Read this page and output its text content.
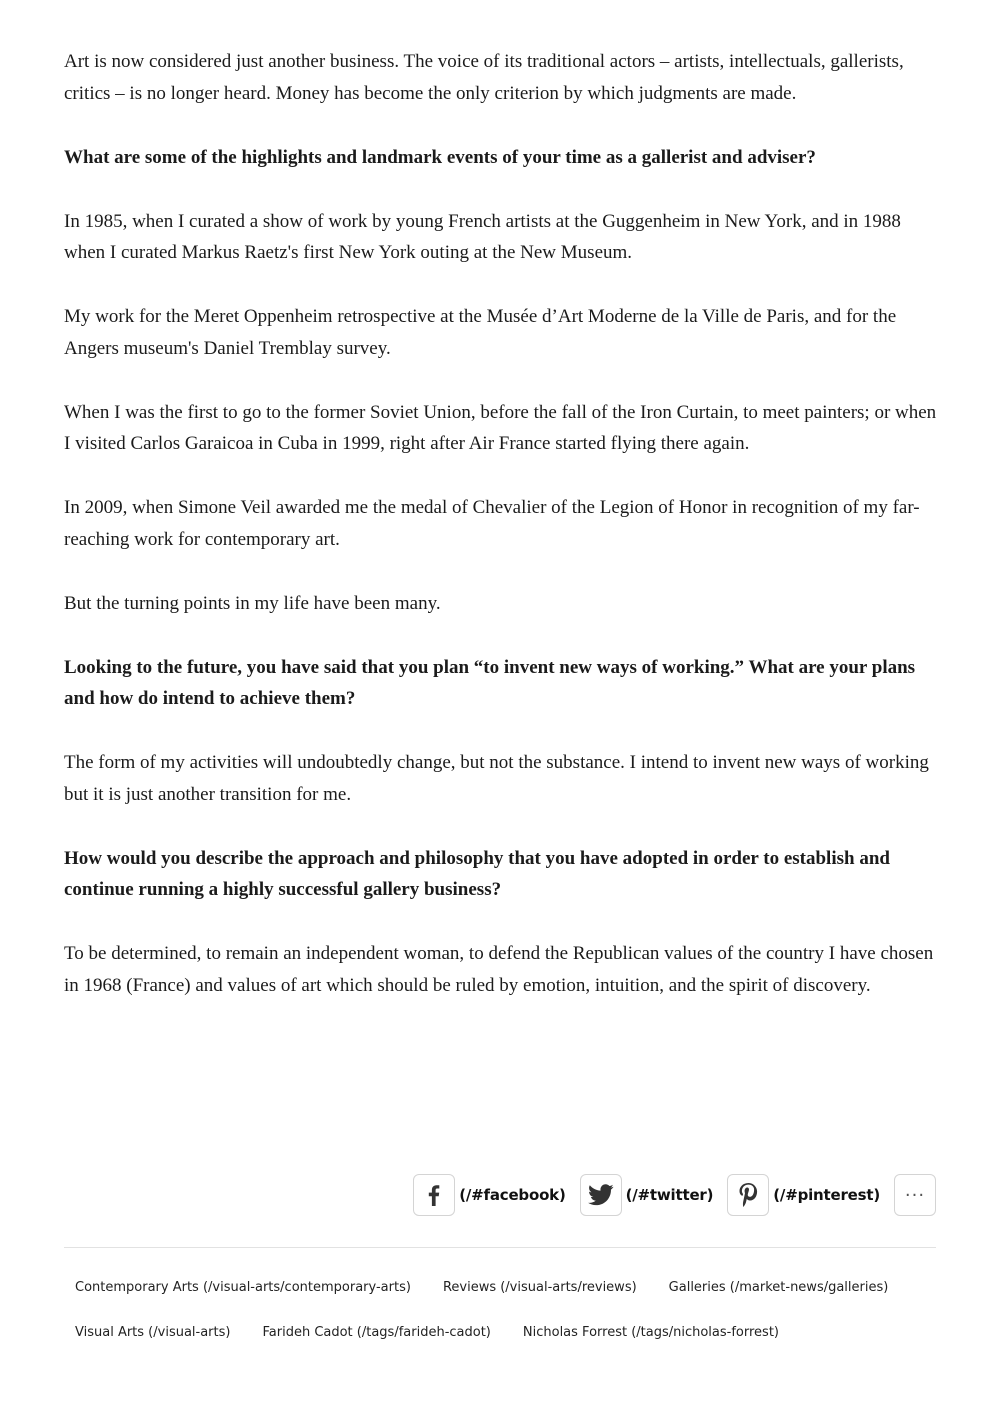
Art is now considered just another business. The voice of its traditional actors – artists, intellectuals, gallerists, critics – is no longer heard. Money has become the only criterion by which judgments are made.

What are some of the highlights and landmark events of your time as a gallerist and adviser?

In 1985, when I curated a show of work by young French artists at the Guggenheim in New York, and in 1988 when I curated Markus Raetz's first New York outing at the New Museum.

My work for the Meret Oppenheim retrospective at the Musée d’Art Moderne de la Ville de Paris, and for the Angers museum's Daniel Tremblay survey.

When I was the first to go to the former Soviet Union, before the fall of the Iron Curtain, to meet painters; or when I visited Carlos Garaicoa in Cuba in 1999, right after Air France started flying there again.

In 2009, when Simone Veil awarded me the medal of Chevalier of the Legion of Honor in recognition of my far-reaching work for contemporary art.

But the turning points in my life have been many.

Looking to the future, you have said that you plan “to invent new ways of working.” What are your plans and how do intend to achieve them?

The form of my activities will undoubtedly change, but not the substance. I intend to invent new ways of working but it is just another transition for me.

How would you describe the approach and philosophy that you have adopted in order to establish and continue running a highly successful gallery business?

To be determined, to remain an independent woman, to defend the Republican values of the country I have chosen in 1968 (France) and values of art which should be ruled by emotion, intuition, and the spirit of discovery.

(/#facebook)	(/#twitter)	(/#pinterest) ···
Contemporary Arts (/visual-arts/contemporary-arts)	Reviews (/visual-arts/reviews)	Galleries (/market-news/galleries)
Visual Arts (/visual-arts)	Farideh Cadot (/tags/farideh-cadot)	Nicholas Forrest (/tags/nicholas-forrest)
